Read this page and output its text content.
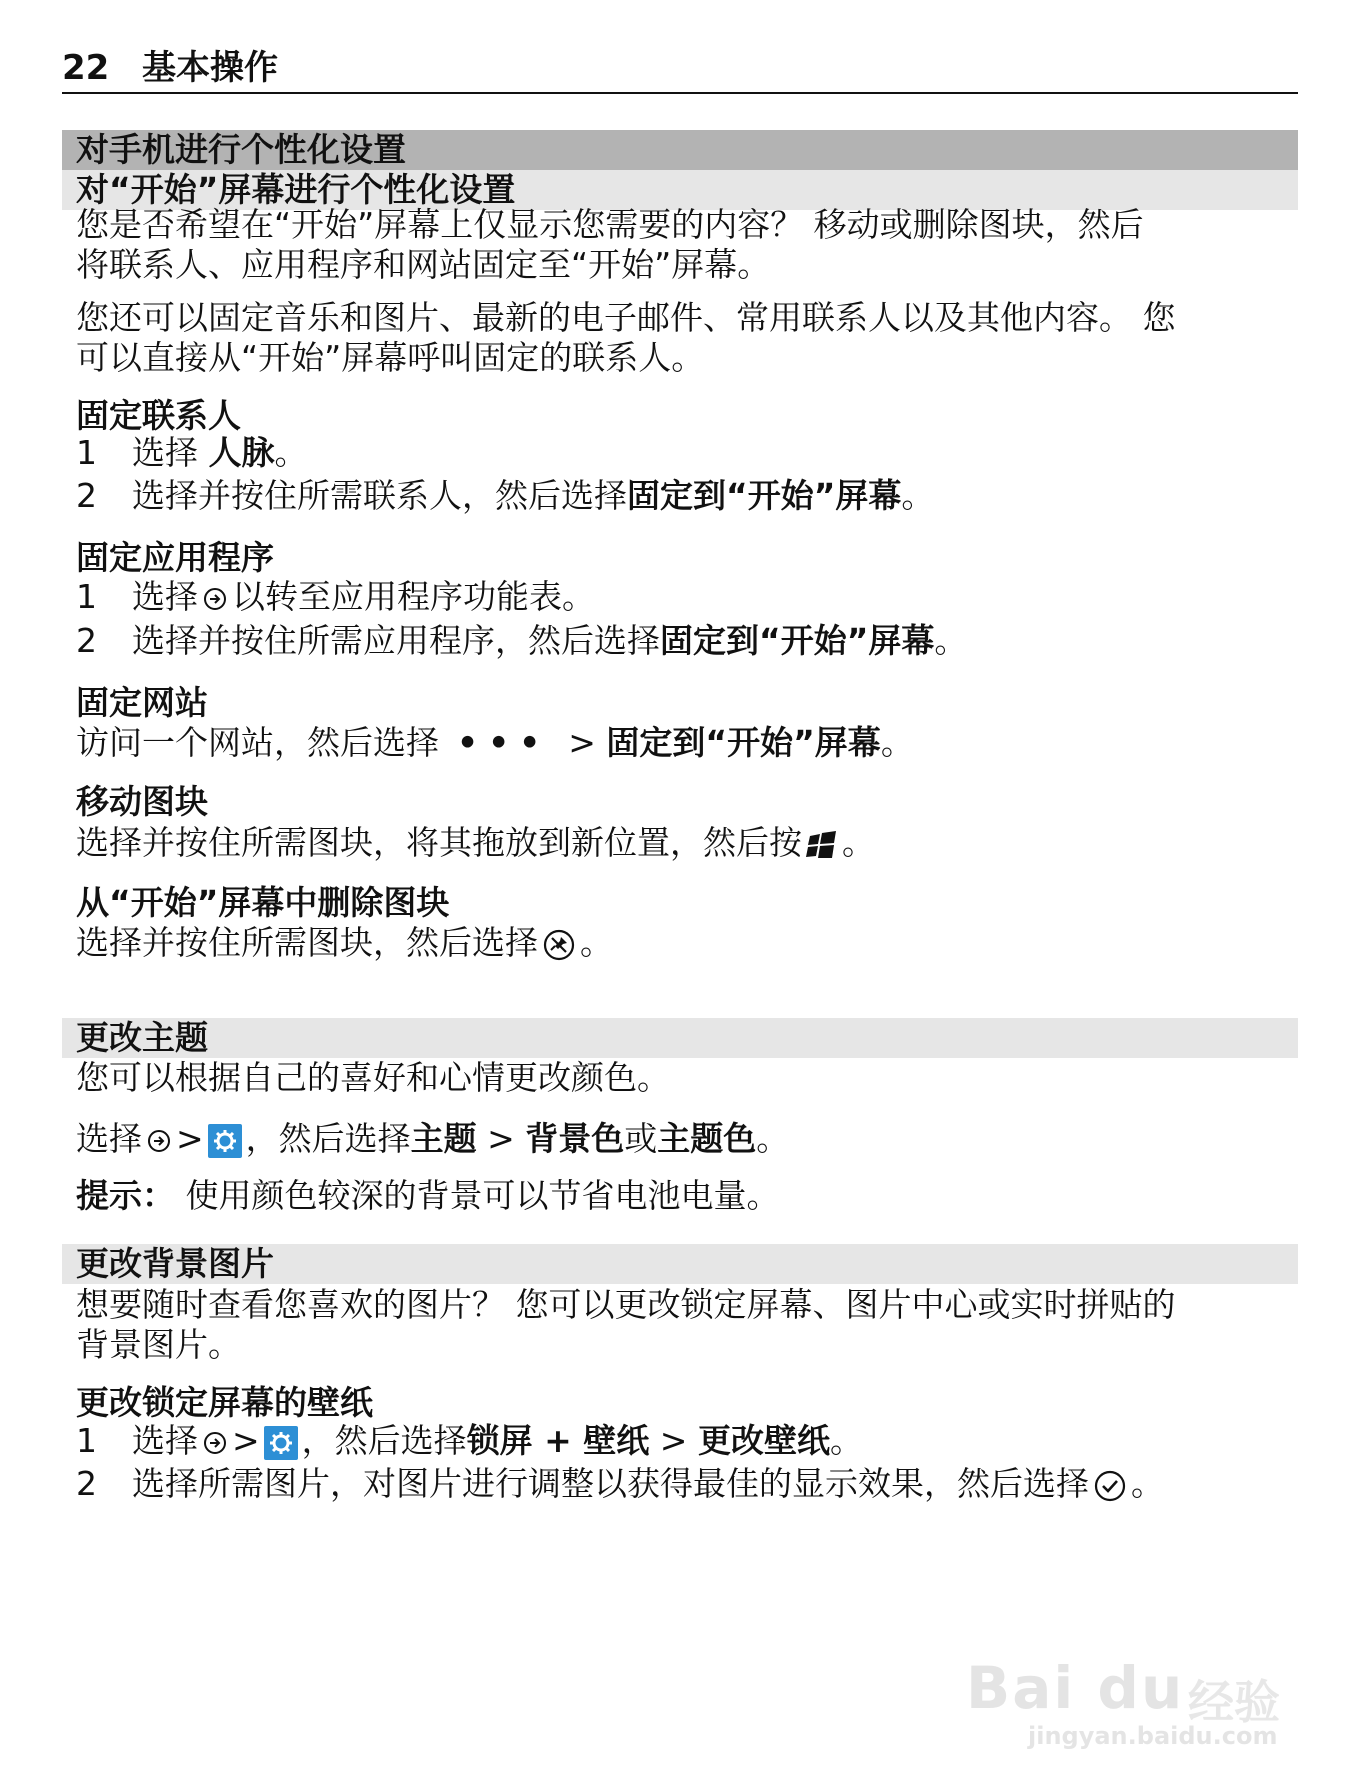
22 基本操作
对手机进行个性化设置
对“开始”屏幕进行个性化设置
您是否希望在“开始”屏幕上仅显示您需要的内容？ 移动或删除图块，然后
将联系人、应用程序和网站固定至“开始”屏幕。
您还可以固定音乐和图片、最新的电子邮件、常用联系人以及其他内容。 您
可以直接从“开始”屏幕呼叫固定的联系人。
固定联系人
1 选择 人脉。
2 选择并按住所需联系人，然后选择固定到“开始”屏幕。
固定应用程序
1 选择 以转至应用程序功能表。
2 选择并按住所需应用程序，然后选择固定到“开始”屏幕。
固定网站
访问一个网站，然后选择 ••• > 固定到“开始”屏幕。
移动图块
选择并按住所需图块，将其拖放到新位置，然后按 。
从“开始”屏幕中删除图块
选择并按住所需图块，然后选择 。
更改主题
您可以根据自己的喜好和心情更改颜色。
选择 > ，然后选择主题 > 背景色或主题色。
提示： 使用颜色较深的背景可以节省电池电量。
更改背景图片
想要随时查看您喜欢的图片？ 您可以更改锁定屏幕、图片中心或实时拼贴的
背景图片。
更改锁定屏幕的壁纸
1 选择 > ，然后选择锁屏 + 壁纸 > 更改壁纸。
2 选择所需图片，对图片进行调整以获得最佳的显示效果，然后选择 。
Bai du 经验
jingyan.baidu.com
